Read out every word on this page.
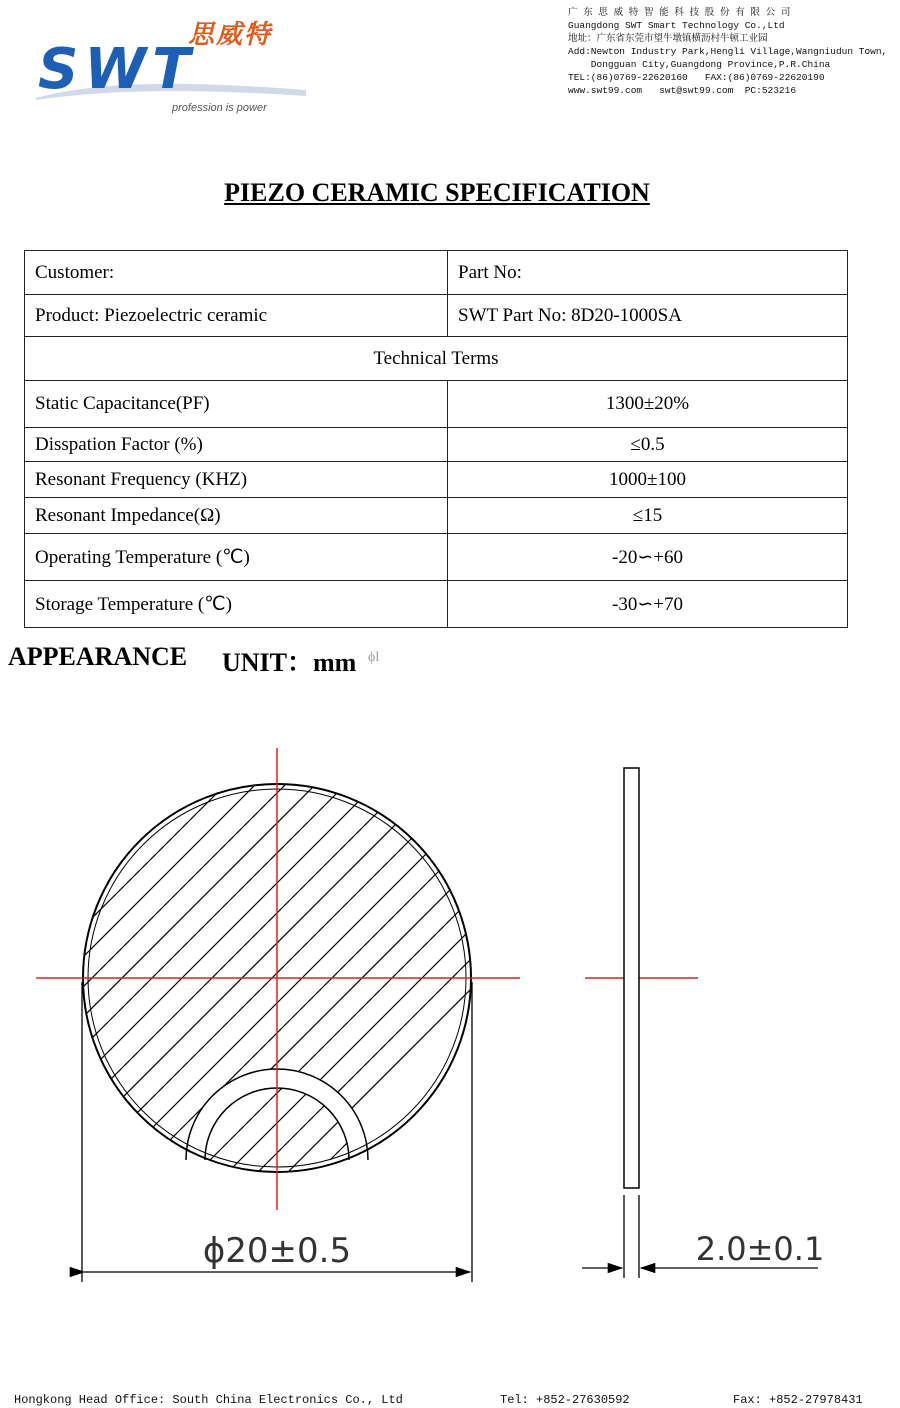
思威特
SWT
profession is power
广 东 思 威 特 智 能 科 技 股 份 有 限 公 司
Guangdong SWT Smart Technology Co.,Ltd
地址：广东省东莞市望牛墩镇横沥村牛顿工业园
Add:Newton Industry Park,Hengli Village,Wangniudun Town,
Dongguan City,Guangdong Province,P.R.China
TEL:(86)0769-22620160   FAX:(86)0769-22620190
www.swt99.com   swt@swt99.com  PC:523216
PIEZO CERAMIC SPECIFICATION
Customer:	Part No:
Product: Piezoelectric ceramic	SWT Part No: 8D20-1000SA
Technical Terms	
Static Capacitance(PF)	1300±20%
Disspation Factor (%)	≤0.5
Resonant Frequency (KHZ)	1000±100
Resonant Impedance(Ω)	≤15
Operating Temperature (℃)	-20∽+60
Storage Temperature (℃)	-30∽+70
APPEARANCE UNIT：mm ϕl
ϕ20±0.5	2.0±0.1
Hongkong Head Office: South China Electronics Co., Ltd	Tel: +852-27630592	Fax: +852-27978431
